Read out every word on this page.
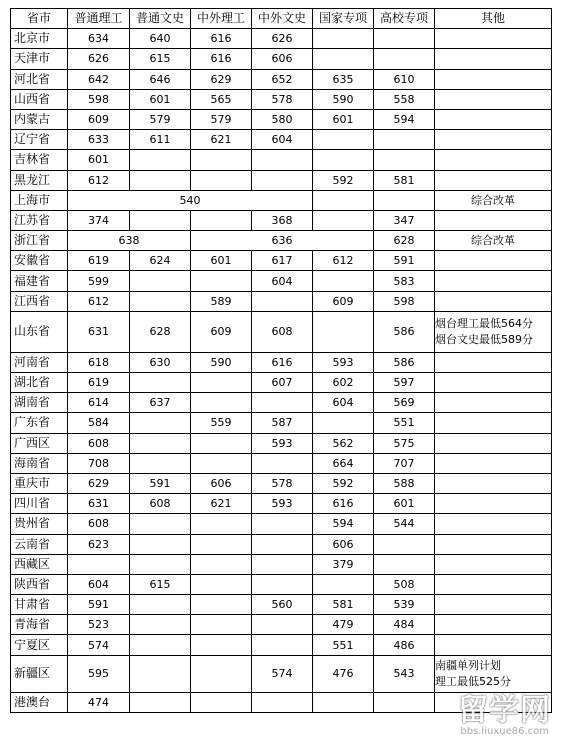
省市	普通理工	普通文史	中外理工	中外文史	国家专项	高校专项	其他
北京市	634	640	616	626			
天津市	626	615	616	606			
河北省	642	646	629	652	635	610	
山西省	598	601	565	578	590	558	
内蒙古	609	579	579	580	601	594	
辽宁省	633	611	621	604			
吉林省	601						
黑龙江	612				592	581	
上海市	540						综合改革
江苏省	374			368		347	
浙江省	638		636			628	综合改革
安徽省	619	624	601	617	612	591	
福建省	599			604		583	
江西省	612		589		609	598	
山东省	631	628	609	608		586	烟台理工最低564分
烟台文史最低589分

河南省	618	630	590	616	593	586	
湖北省	619			607	602	597	
湖南省	614	637			604	569	
广东省	584		559	587		551	
广西区	608			593	562	575	
海南省	708				664	707	
重庆市	629	591	606	578	592	588	
四川省	631	608	621	593	616	601	
贵州省	608				594	544	
云南省	623				606		
西藏区					379		
陕西省	604	615				508	
甘肃省	591			560	581	539	
青海省	523				479	484	
宁夏区	574				551	486	
新疆区	595			574	476	543	南疆单列计划
理工最低525分

港澳台	474							留学网
bbs.liuxue86.com
